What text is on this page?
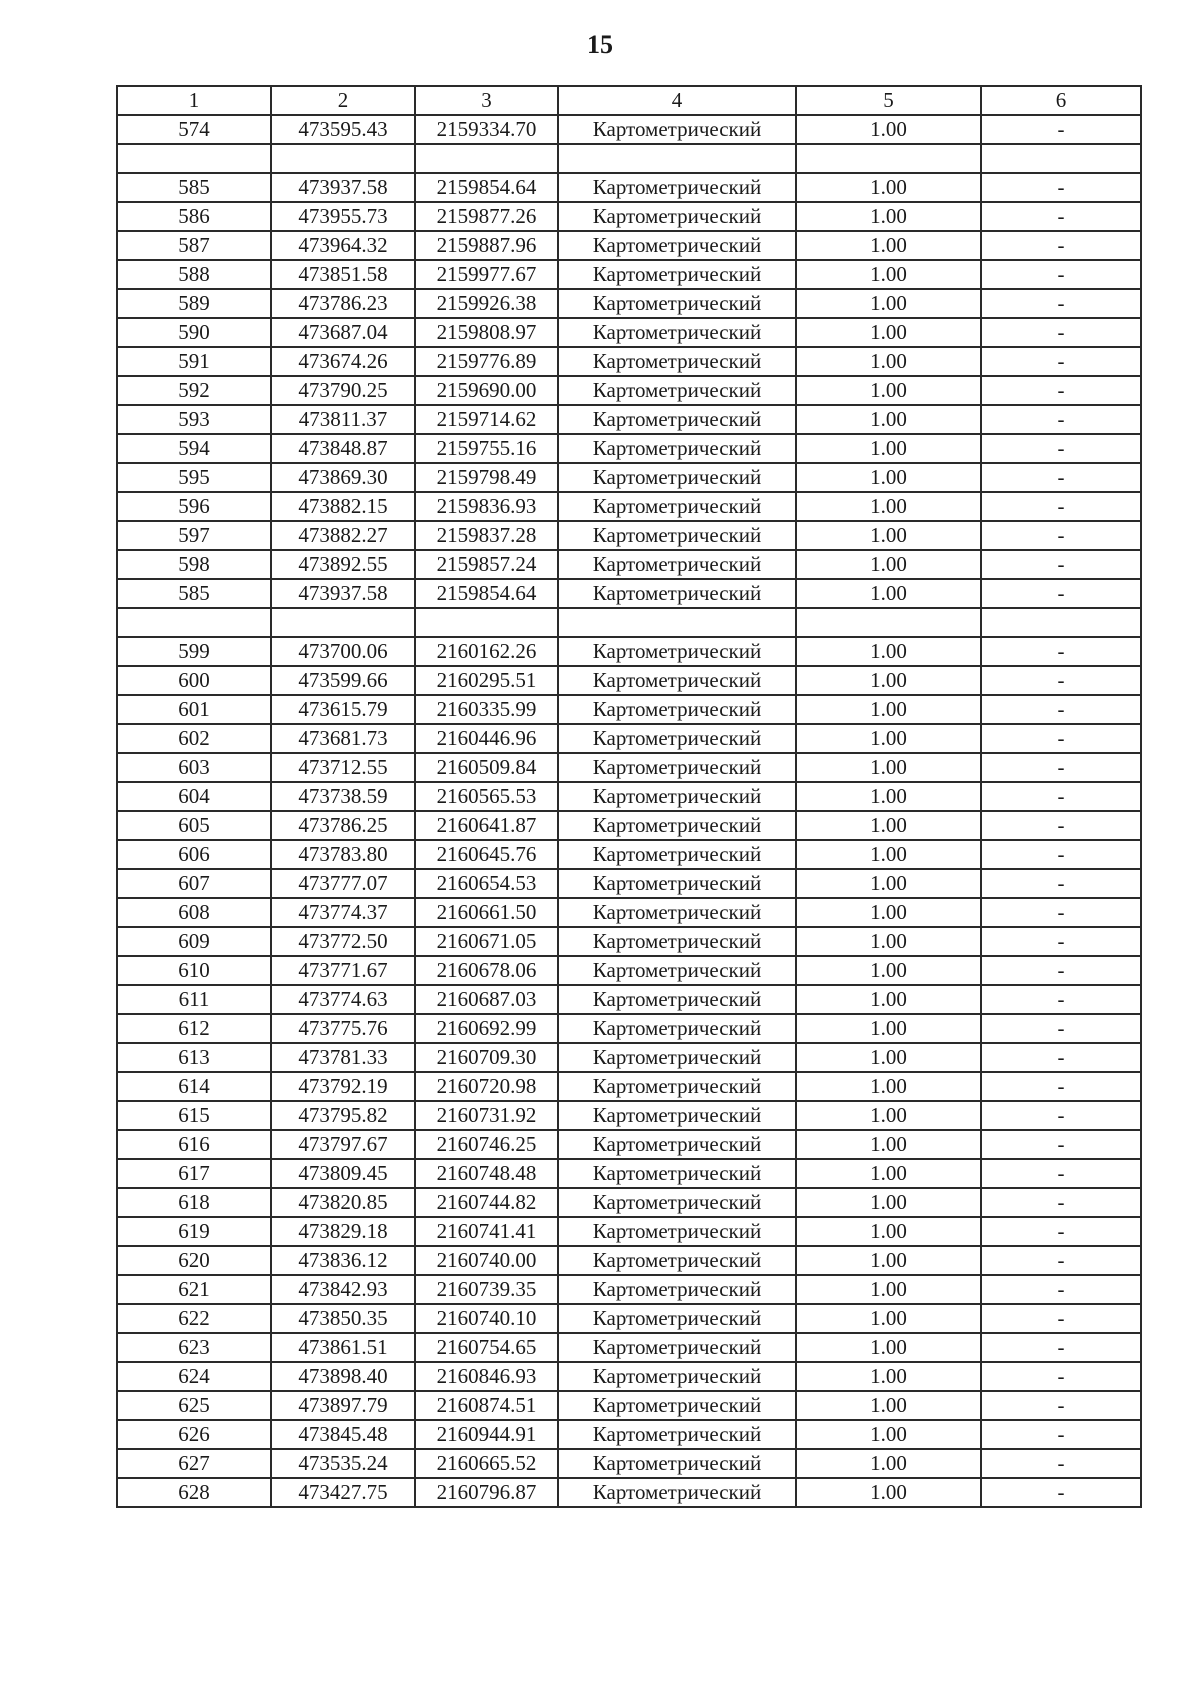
15
1	2	3	4	5	6
574	473595.43	2159334.70	Картометрический	1.00	-

585	473937.58	2159854.64	Картометрический	1.00	-
586	473955.73	2159877.26	Картометрический	1.00	-
587	473964.32	2159887.96	Картометрический	1.00	-
588	473851.58	2159977.67	Картометрический	1.00	-
589	473786.23	2159926.38	Картометрический	1.00	-
590	473687.04	2159808.97	Картометрический	1.00	-
591	473674.26	2159776.89	Картометрический	1.00	-
592	473790.25	2159690.00	Картометрический	1.00	-
593	473811.37	2159714.62	Картометрический	1.00	-
594	473848.87	2159755.16	Картометрический	1.00	-
595	473869.30	2159798.49	Картометрический	1.00	-
596	473882.15	2159836.93	Картометрический	1.00	-
597	473882.27	2159837.28	Картометрический	1.00	-
598	473892.55	2159857.24	Картометрический	1.00	-
585	473937.58	2159854.64	Картометрический	1.00	-

599	473700.06	2160162.26	Картометрический	1.00	-
600	473599.66	2160295.51	Картометрический	1.00	-
601	473615.79	2160335.99	Картометрический	1.00	-
602	473681.73	2160446.96	Картометрический	1.00	-
603	473712.55	2160509.84	Картометрический	1.00	-
604	473738.59	2160565.53	Картометрический	1.00	-
605	473786.25	2160641.87	Картометрический	1.00	-
606	473783.80	2160645.76	Картометрический	1.00	-
607	473777.07	2160654.53	Картометрический	1.00	-
608	473774.37	2160661.50	Картометрический	1.00	-
609	473772.50	2160671.05	Картометрический	1.00	-
610	473771.67	2160678.06	Картометрический	1.00	-
611	473774.63	2160687.03	Картометрический	1.00	-
612	473775.76	2160692.99	Картометрический	1.00	-
613	473781.33	2160709.30	Картометрический	1.00	-
614	473792.19	2160720.98	Картометрический	1.00	-
615	473795.82	2160731.92	Картометрический	1.00	-
616	473797.67	2160746.25	Картометрический	1.00	-
617	473809.45	2160748.48	Картометрический	1.00	-
618	473820.85	2160744.82	Картометрический	1.00	-
619	473829.18	2160741.41	Картометрический	1.00	-
620	473836.12	2160740.00	Картометрический	1.00	-
621	473842.93	2160739.35	Картометрический	1.00	-
622	473850.35	2160740.10	Картометрический	1.00	-
623	473861.51	2160754.65	Картометрический	1.00	-
624	473898.40	2160846.93	Картометрический	1.00	-
625	473897.79	2160874.51	Картометрический	1.00	-
626	473845.48	2160944.91	Картометрический	1.00	-
627	473535.24	2160665.52	Картометрический	1.00	-
628	473427.75	2160796.87	Картометрический	1.00	-
